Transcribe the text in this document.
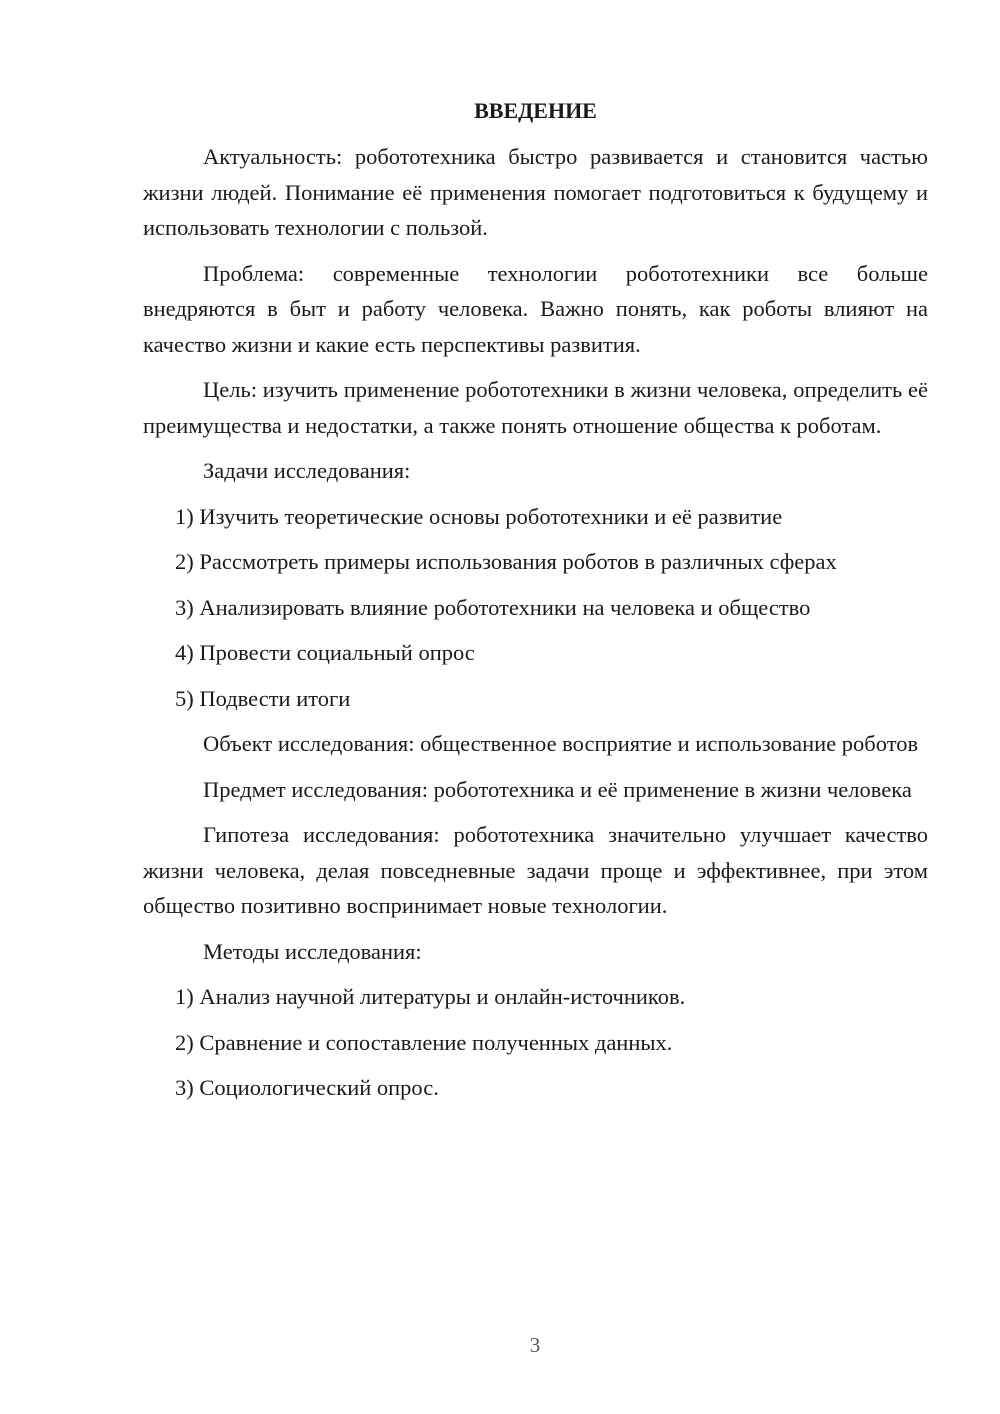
ВВЕДЕНИЕ
Актуальность: робототехника быстро развивается и становится частью жизни людей. Понимание её применения помогает подготовиться к будущему и использовать технологии с пользой.
Проблема: современные технологии робототехники все больше внедряются в быт и работу человека. Важно понять, как роботы влияют на качество жизни и какие есть перспективы развития.
Цель: изучить применение робототехники в жизни человека, определить её преимущества и недостатки, а также понять отношение общества к роботам.
Задачи исследования:
1) Изучить теоретические основы робототехники и её развитие
2) Рассмотреть примеры использования роботов в различных сферах
3) Анализировать влияние робототехники на человека и общество
4) Провести социальный опрос
5) Подвести итоги
Объект исследования: общественное восприятие и использование роботов
Предмет исследования: робототехника и её применение в жизни человека
Гипотеза исследования: робототехника значительно улучшает качество жизни человека, делая повседневные задачи проще и эффективнее, при этом общество позитивно воспринимает новые технологии.
Методы исследования:
1) Анализ научной литературы и онлайн-источников.
2) Сравнение и сопоставление полученных данных.
3) Социологический опрос.
3
